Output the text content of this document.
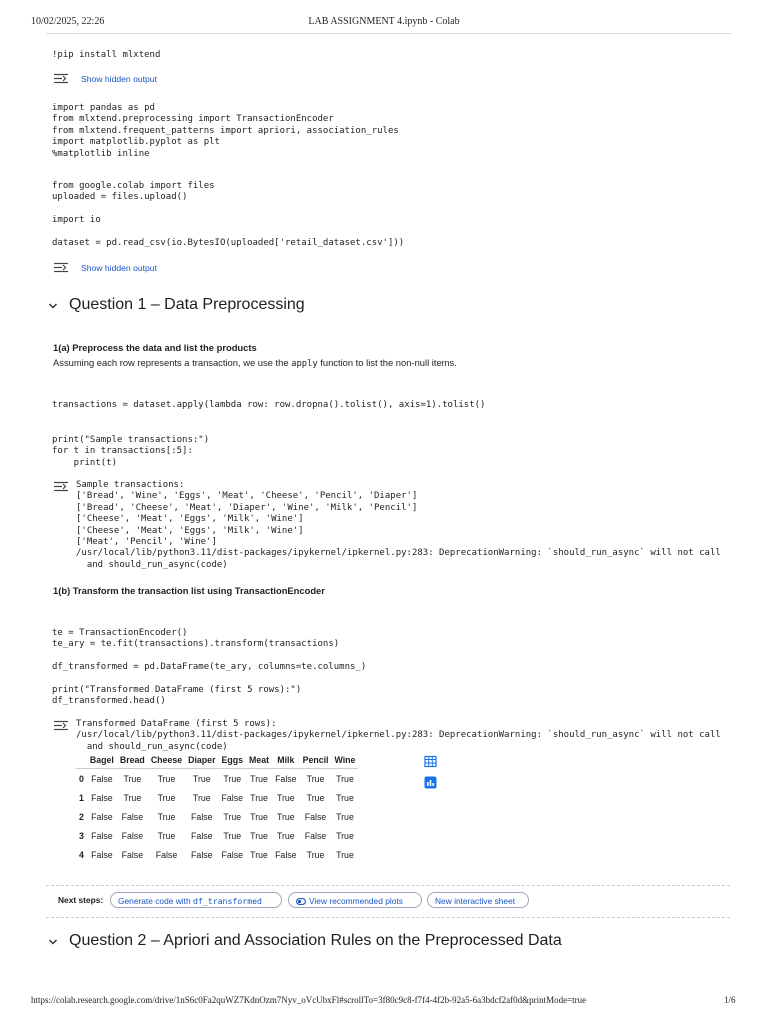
10/02/2025, 22:26	LAB ASSIGNMENT 4.ipynb - Colab
!pip install mlxtend
Show hidden output
import pandas as pd
from mlxtend.preprocessing import TransactionEncoder
from mlxtend.frequent_patterns import apriori, association_rules
import matplotlib.pyplot as plt
%matplotlib inline
from google.colab import files
uploaded = files.upload()

import io

dataset = pd.read_csv(io.BytesIO(uploaded['retail_dataset.csv']))
Show hidden output
Question 1 – Data Preprocessing
1(a) Preprocess the data and list the products
Assuming each row represents a transaction, we use the apply function to list the non-null items.
transactions = dataset.apply(lambda row: row.dropna().tolist(), axis=1).tolist()
print("Sample transactions:")
for t in transactions[:5]:
print(t)
Sample transactions:
['Bread', 'Wine', 'Eggs', 'Meat', 'Cheese', 'Pencil', 'Diaper']
['Bread', 'Cheese', 'Meat', 'Diaper', 'Wine', 'Milk', 'Pencil']
['Cheese', 'Meat', 'Eggs', 'Milk', 'Wine']
['Cheese', 'Meat', 'Eggs', 'Milk', 'Wine']
['Meat', 'Pencil', 'Wine']
/usr/local/lib/python3.11/dist-packages/ipykernel/ipkernel.py:283: DeprecationWarning: `should_run_async` will not call
and should_run_async(code)
1(b) Transform the transaction list using TransactionEncoder
te = TransactionEncoder()
te_ary = te.fit(transactions).transform(transactions)

df_transformed = pd.DataFrame(te_ary, columns=te.columns_)

print("Transformed DataFrame (first 5 rows):")
df_transformed.head()
Transformed DataFrame (first 5 rows):
/usr/local/lib/python3.11/dist-packages/ipykernel/ipkernel.py:283: DeprecationWarning: `should_run_async` will not call
and should_run_async(code)
	Bagel	Bread	Cheese	Diaper	Eggs	Meat	Milk	Pencil	Wine
0	False	True	True	True	True	True	False	True	True
1	False	True	True	True	False	True	True	True	True
2	False	False	True	False	True	True	True	False	True
3	False	False	True	False	True	True	True	False	True
4	False	False	False	False	False	True	False	True	True
Next steps:	Generate code with df_transformed	View recommended plots	New interactive sheet
Question 2 – Apriori and Association Rules on the Preprocessed Data
https://colab.research.google.com/drive/1nS6c0Fa2quWZ7KdnOzm7Nyv_oVcUbxFl#scrollTo=3f80c9c8-f7f4-4f2b-92a5-6a3bdcf2af0d&printMode=true	1/6
